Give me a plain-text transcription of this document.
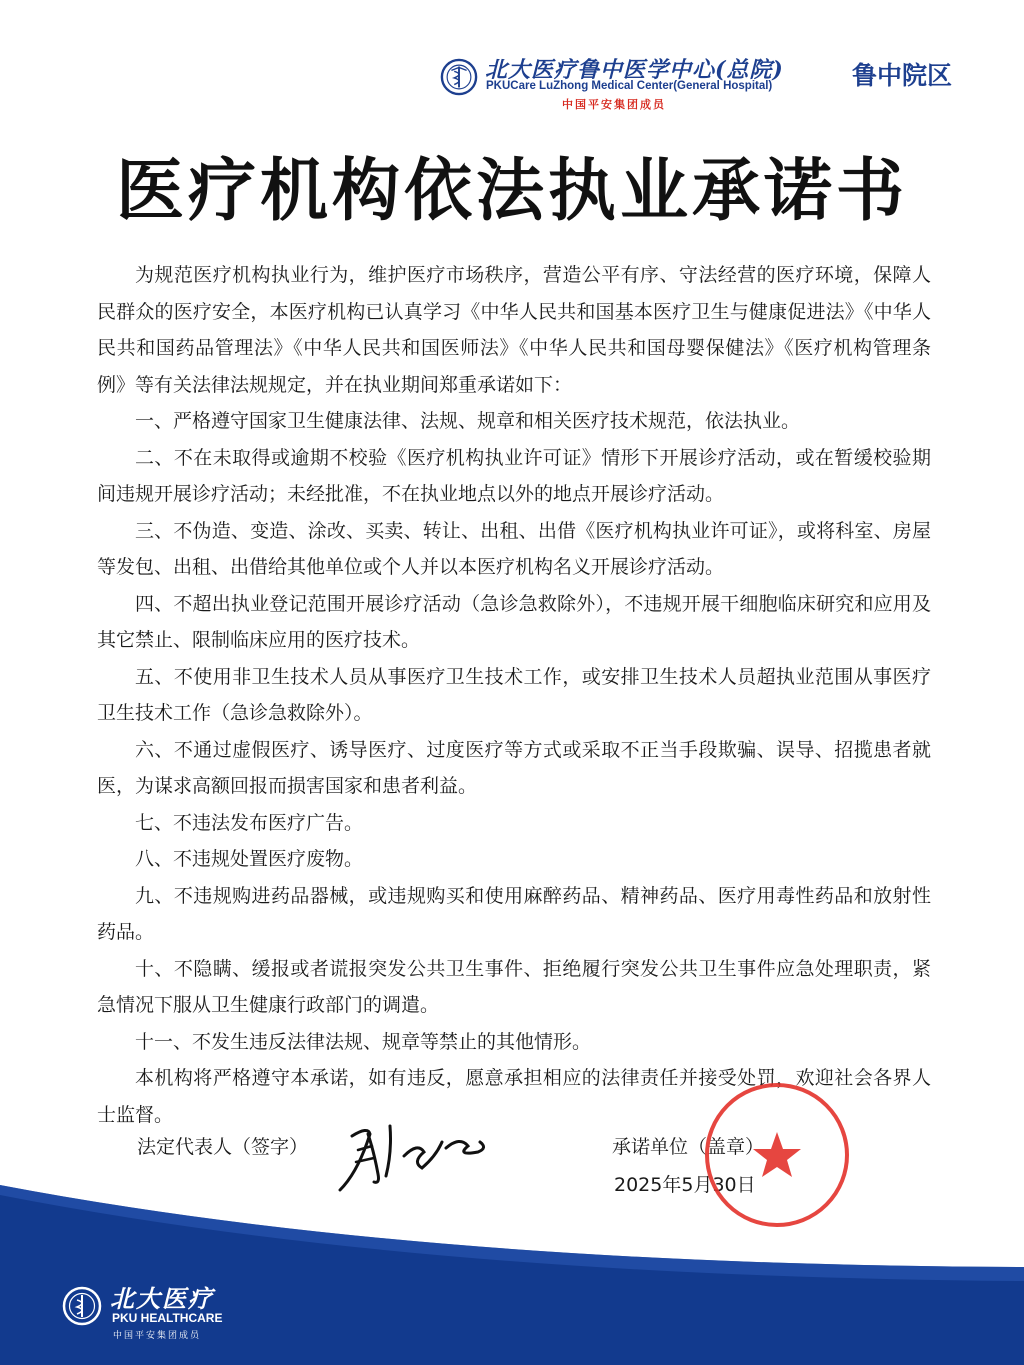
北大医疗鲁中医学中心(总院)
PKUCare LuZhong Medical Center(General Hospital)
中国平安集团成员
鲁中院区
医疗机构依法执业承诺书

为规范医疗机构执业行为，维护医疗市场秩序，营造公平有序、守法经营的医疗环境，保障人民群众的医疗安全，本医疗机构已认真学习《中华人民共和国基本医疗卫生与健康促进法》《中华人民共和国药品管理法》《中华人民共和国医师法》《中华人民共和国母婴保健法》《医疗机构管理条例》等有关法律法规规定，并在执业期间郑重承诺如下：

一、严格遵守国家卫生健康法律、法规、规章和相关医疗技术规范，依法执业。

二、不在未取得或逾期不校验《医疗机构执业许可证》情形下开展诊疗活动，或在暂缓校验期间违规开展诊疗活动；未经批准，不在执业地点以外的地点开展诊疗活动。

三、不伪造、变造、涂改、买卖、转让、出租、出借《医疗机构执业许可证》，或将科室、房屋等发包、出租、出借给其他单位或个人并以本医疗机构名义开展诊疗活动。

四、不超出执业登记范围开展诊疗活动（急诊急救除外），不违规开展干细胞临床研究和应用及其它禁止、限制临床应用的医疗技术。

五、不使用非卫生技术人员从事医疗卫生技术工作，或安排卫生技术人员超执业范围从事医疗卫生技术工作（急诊急救除外）。

六、不通过虚假医疗、诱导医疗、过度医疗等方式或采取不正当手段欺骗、误导、招揽患者就医，为谋求高额回报而损害国家和患者利益。

七、不违法发布医疗广告。

八、不违规处置医疗废物。

九、不违规购进药品器械，或违规购买和使用麻醉药品、精神药品、医疗用毒性药品和放射性药品。

十、不隐瞒、缓报或者谎报突发公共卫生事件、拒绝履行突发公共卫生事件应急处理职责，紧急情况下服从卫生健康行政部门的调遣。

十一、不发生违反法律法规、规章等禁止的其他情形。

本机构将严格遵守本承诺，如有违反，愿意承担相应的法律责任并接受处罚，欢迎社会各界人士监督。

法定代表人（签字）	承诺单位（盖章）
2025年5月30日
北大医疗
PKU HEALTHCARE
中国平安集团成员
